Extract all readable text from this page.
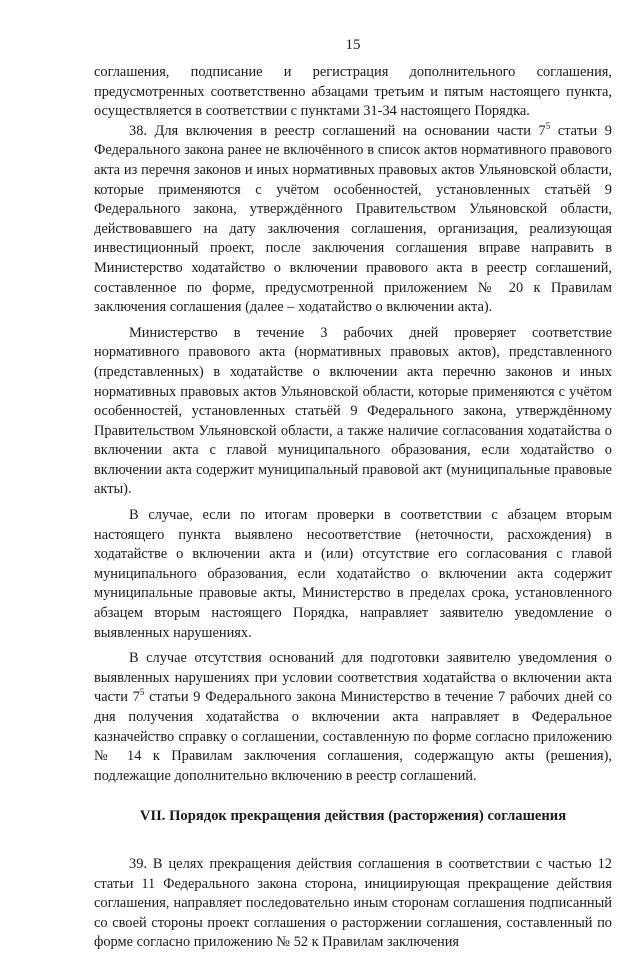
15

соглашения, подписание и регистрация дополнительного соглашения, предусмотренных соответственно абзацами третьим и пятым настоящего пункта, осуществляется в соответствии с пунктами 31-34 настоящего Порядка.

38. Для включения в реестр соглашений на основании части $7^5$ статьи 9 Федерального закона ранее не включённого в список актов нормативного правового акта из перечня законов и иных нормативных правовых актов Ульяновской области, которые применяются с учётом особенностей, установленных статьёй 9 Федерального закона, утверждённого Правительством Ульяновской области, действовавшего на дату заключения соглашения, организация, реализующая инвестиционный проект, после заключения соглашения вправе направить в Министерство ходатайство о включении правового акта в реестр соглашений, составленное по форме, предусмотренной приложением № 20 к Правилам заключения соглашения (далее – ходатайство о включении акта).

Министерство в течение 3 рабочих дней проверяет соответствие нормативного правового акта (нормативных правовых актов), представленного (представленных) в ходатайстве о включении акта перечню законов и иных нормативных правовых актов Ульяновской области, которые применяются с учётом особенностей, установленных статьёй 9 Федерального закона, утверждённому Правительством Ульяновской области, а также наличие согласования ходатайства о включении акта с главой муниципального образования, если ходатайство о включении акта содержит муниципальный правовой акт (муниципальные правовые акты).

В случае, если по итогам проверки в соответствии с абзацем вторым настоящего пункта выявлено несоответствие (неточности, расхождения) в ходатайстве о включении акта и (или) отсутствие его согласования с главой муниципального образования, если ходатайство о включении акта содержит муниципальные правовые акты, Министерство в пределах срока, установленного абзацем вторым настоящего Порядка, направляет заявителю уведомление о выявленных нарушениях.

В случае отсутствия оснований для подготовки заявителю уведомления о выявленных нарушениях при условии соответствия ходатайства о включении акта части $7^5$ статьи 9 Федерального закона Министерство в течение 7 рабочих дней со дня получения ходатайства о включении акта направляет в Федеральное казначейство справку о соглашении, составленную по форме согласно приложению № 14 к Правилам заключения соглашения, содержащую акты (решения), подлежащие дополнительно включению в реестр соглашений.

VII. Порядок прекращения действия (расторжения) соглашения

39. В целях прекращения действия соглашения в соответствии с частью 12 статьи 11 Федерального закона сторона, инициирующая прекращение действия соглашения, направляет последовательно иным сторонам соглашения подписанный со своей стороны проект соглашения о расторжении соглашения, составленный по форме согласно приложению № 52 к Правилам заключения
